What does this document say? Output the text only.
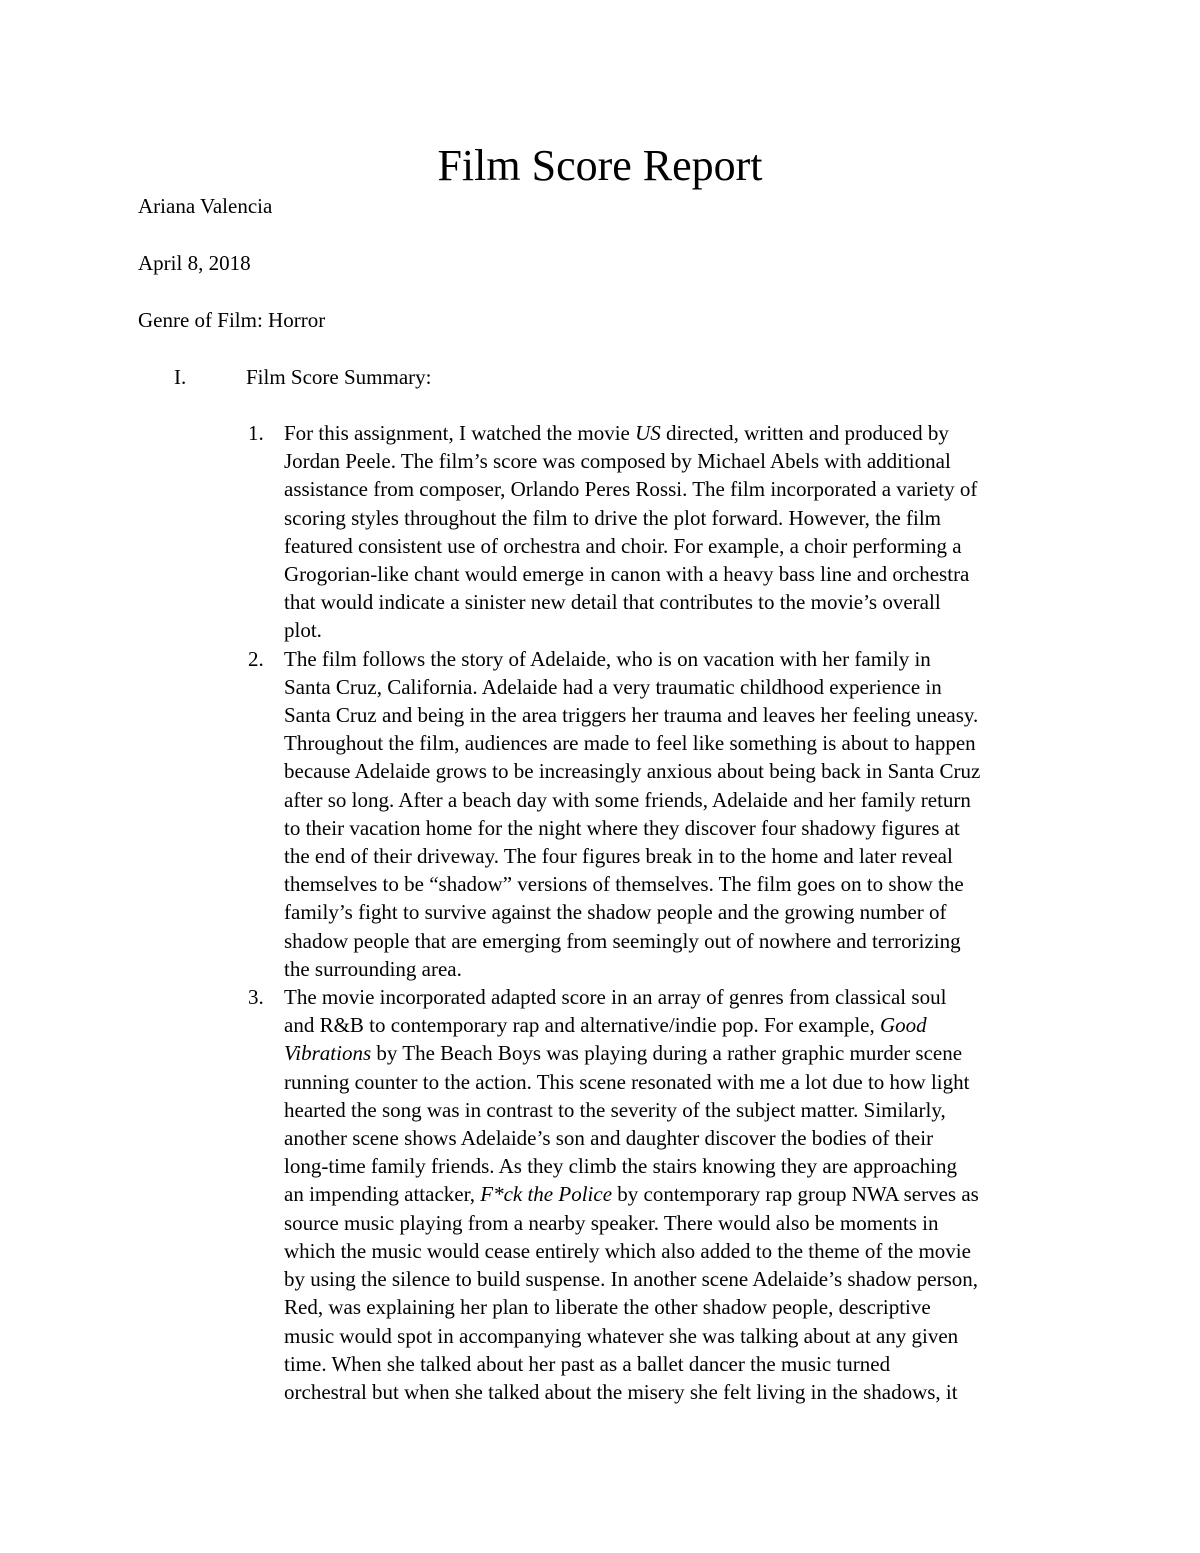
Film Score Report
Ariana Valencia
April 8, 2018
Genre of Film: Horror
I.	Film Score Summary:
1. For this assignment, I watched the movie US directed, written and produced by
Jordan Peele. The film’s score was composed by Michael Abels with additional
assistance from composer, Orlando Peres Rossi. The film incorporated a variety of
scoring styles throughout the film to drive the plot forward. However, the film
featured consistent use of orchestra and choir. For example, a choir performing a
Grogorian-like chant would emerge in canon with a heavy bass line and orchestra
that would indicate a sinister new detail that contributes to the movie’s overall
plot.
2. The film follows the story of Adelaide, who is on vacation with her family in
Santa Cruz, California. Adelaide had a very traumatic childhood experience in
Santa Cruz and being in the area triggers her trauma and leaves her feeling uneasy.
Throughout the film, audiences are made to feel like something is about to happen
because Adelaide grows to be increasingly anxious about being back in Santa Cruz
after so long. After a beach day with some friends, Adelaide and her family return
to their vacation home for the night where they discover four shadowy figures at
the end of their driveway. The four figures break in to the home and later reveal
themselves to be “shadow” versions of themselves. The film goes on to show the
family’s fight to survive against the shadow people and the growing number of
shadow people that are emerging from seemingly out of nowhere and terrorizing
the surrounding area.
3. The movie incorporated adapted score in an array of genres from classical soul
and R&B to contemporary rap and alternative/indie pop. For example, Good
Vibrations by The Beach Boys was playing during a rather graphic murder scene
running counter to the action. This scene resonated with me a lot due to how light
hearted the song was in contrast to the severity of the subject matter. Similarly,
another scene shows Adelaide’s son and daughter discover the bodies of their
long-time family friends. As they climb the stairs knowing they are approaching
an impending attacker, F*ck the Police by contemporary rap group NWA serves as
source music playing from a nearby speaker. There would also be moments in
which the music would cease entirely which also added to the theme of the movie
by using the silence to build suspense. In another scene Adelaide’s shadow person,
Red, was explaining her plan to liberate the other shadow people, descriptive
music would spot in accompanying whatever she was talking about at any given
time. When she talked about her past as a ballet dancer the music turned
orchestral but when she talked about the misery she felt living in the shadows, it
